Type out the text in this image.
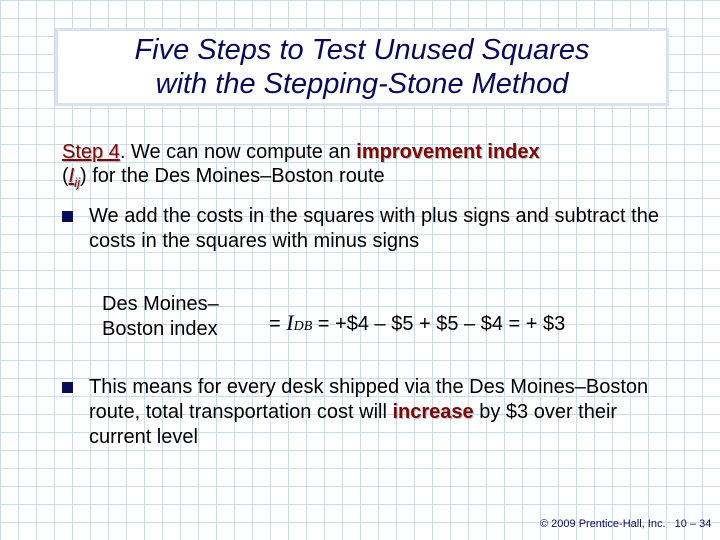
Five Steps to Test Unused Squares
with the Stepping-Stone Method
Step 4. We can now compute an improvement index
$(I_{ij})$ for the Des Moines–Boston route
We add the costs in the squares with plus signs and subtract the costs in the squares with minus signs
Des Moines–
Boston index	= IDB = +$4 – $5 + $5 – $4 = + $3
This means for every desk shipped via the Des Moines–Boston route, total transportation cost will increase by $3 over their current level
© 2009 Prentice-Hall, Inc. 10 – 34
